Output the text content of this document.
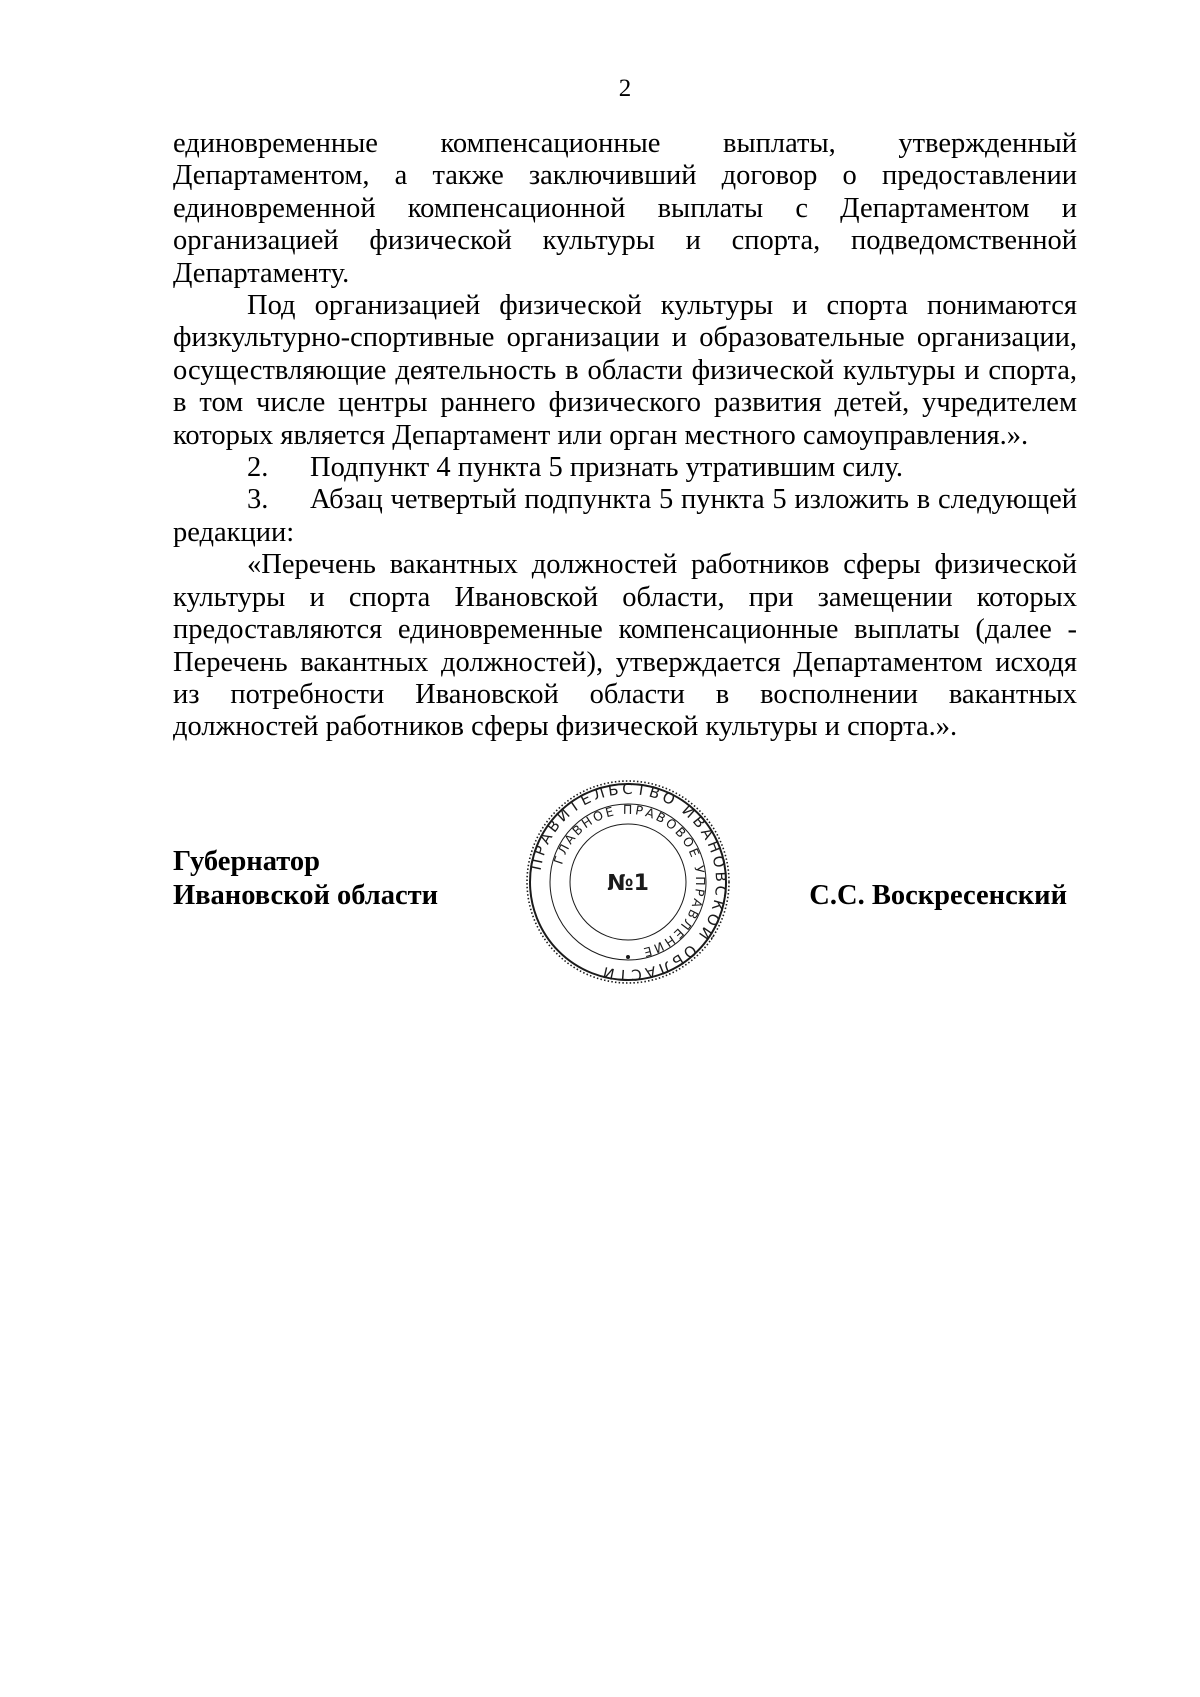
2

единовременные компенсационные выплаты, утвержденный Департаментом, а также заключивший договор о предоставлении единовременной компенсационной выплаты с Департаментом и организацией физической культуры и спорта, подведомственной Департаменту.

Под организацией физической культуры и спорта понимаются физкультурно-спортивные организации и образовательные организации, осуществляющие деятельность в области физической культуры и спорта, в том числе центры раннего физического развития детей, учредителем которых является Департамент или орган местного самоуправления.».

2. Подпункт 4 пункта 5 признать утратившим силу.

3. Абзац четвертый подпункта 5 пункта 5 изложить в следующей редакции:

«Перечень вакантных должностей работников сферы физической культуры и спорта Ивановской области, при замещении которых предоставляются единовременные компенсационные выплаты (далее - Перечень вакантных должностей), утверждается Департаментом исходя из потребности Ивановской области в восполнении вакантных должностей работников сферы физической культуры и спорта.».

Губернатор
Ивановской области	С.С. Воскресенский
ПРАВИТЕЛЬСТВО ИВАНОВСКОЙ ОБЛАСТИ
ГЛАВНОЕ ПРАВОВОЕ УПРАВЛЕНИЕ
№1
